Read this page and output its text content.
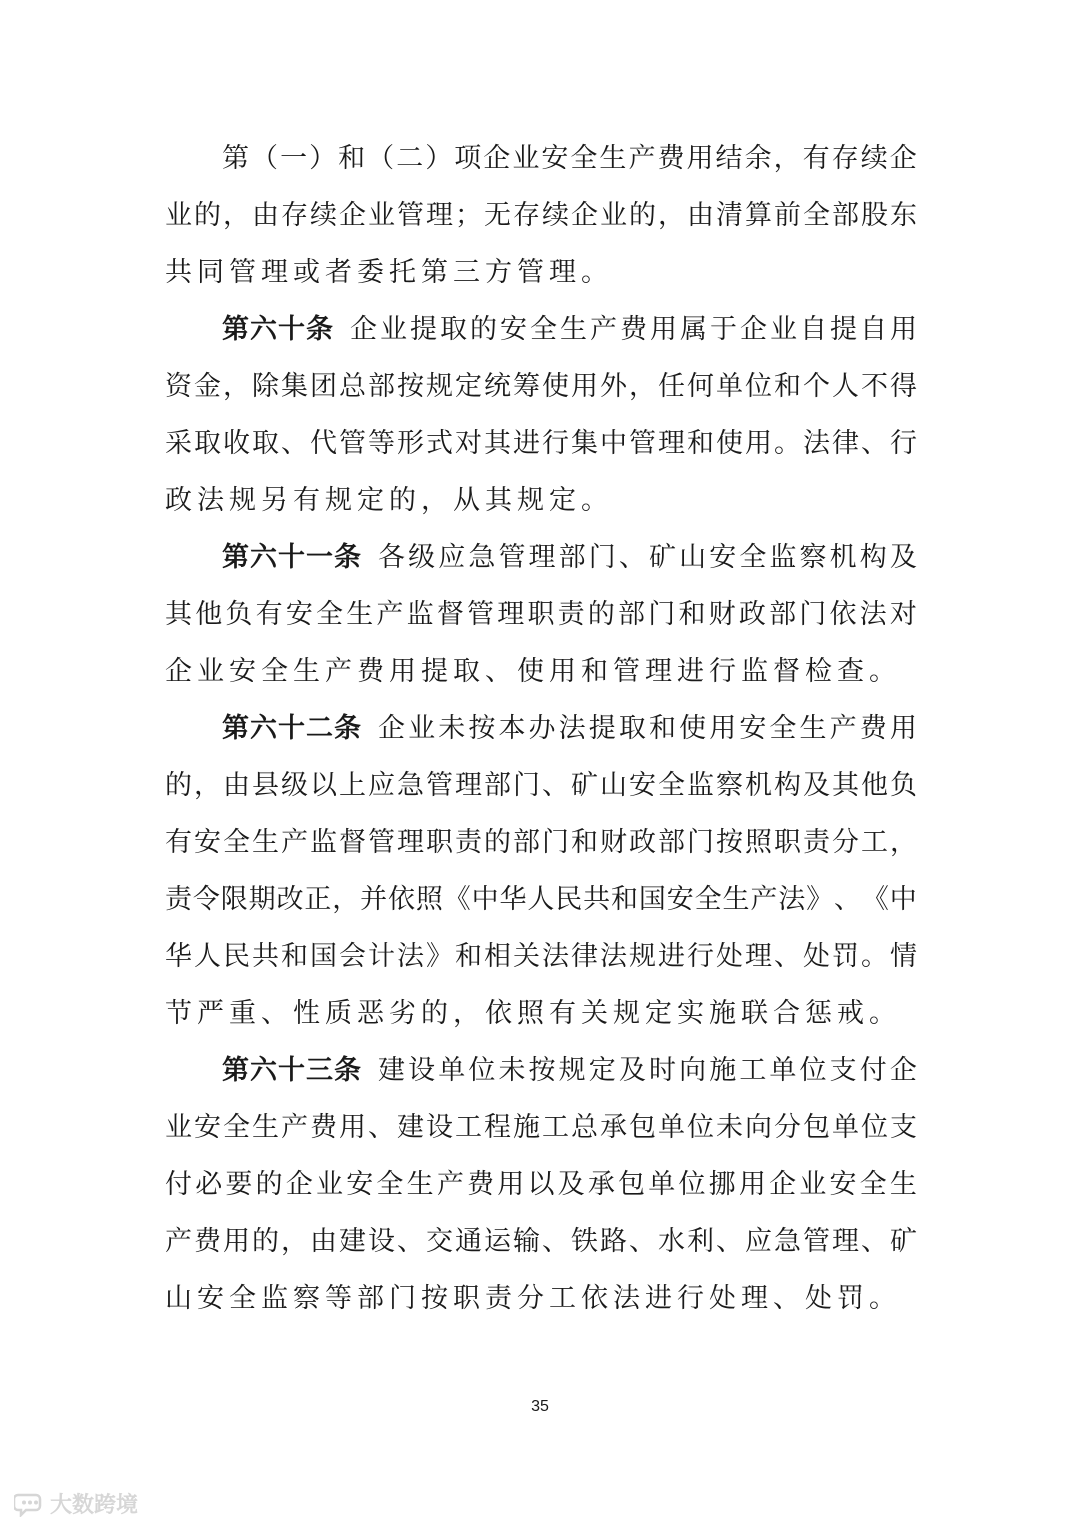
第 （ 一 ） 和 （ 二 ） 项 企 业 安 全 生 产 费 用 结 余 ， 有 存 续 企
业 的 ， 由 存 续 企 业 管 理 ； 无 存 续 企 业 的 ， 由 清 算 前 全 部 股 东
共同管理或者委托第三方管理。
第六十条 企 业 提 取 的 安 全 生 产 费 用 属 于 企 业 自 提 自 用
资 金 ， 除 集 团 总 部 按 规 定 统 筹 使 用 外 ， 任 何 单 位 和 个 人 不 得
采 取 收 取 、 代 管 等 形 式 对 其 进 行 集 中 管 理 和 使 用 。 法 律 、 行
政法规另有规定的，从其规定。
第六十一条 各 级 应 急 管 理 部 门 、 矿 山 安 全 监 察 机 构 及
其 他 负 有 安 全 生 产 监 督 管 理 职 责 的 部 门 和 财 政 部 门 依 法 对
企业安全生产费用提取、使用和管理进行监督检查。
第六十二条 企 业 未 按 本 办 法 提 取 和 使 用 安 全 生 产 费 用
的 ， 由 县 级 以 上 应 急 管 理 部 门 、 矿 山 安 全 监 察 机 构 及 其 他 负
有 安 全 生 产 监 督 管 理 职 责 的 部 门 和 财 政 部 门 按 照 职 责 分 工 ，
责 令 限 期 改 正 ， 并 依 照 《 中 华 人 民 共 和 国 安 全 生 产 法 》 、 《 中
华 人 民 共 和 国 会 计 法 》 和 相 关 法 律 法 规 进 行 处 理 、 处 罚 。 情
节严重、性质恶劣的，依照有关规定实施联合惩戒。
第六十三条 建 设 单 位 未 按 规 定 及 时 向 施 工 单 位 支 付 企
业 安 全 生 产 费 用 、 建 设 工 程 施 工 总 承 包 单 位 未 向 分 包 单 位 支
付 必 要 的 企 业 安 全 生 产 费 用 以 及 承 包 单 位 挪 用 企 业 安 全 生
产 费 用 的 ， 由 建 设 、 交 通 运 输 、 铁 路 、 水 利 、 应 急 管 理 、 矿
山安全监察等部门按职责分工依法进行处理、处罚。
35
大数跨境
